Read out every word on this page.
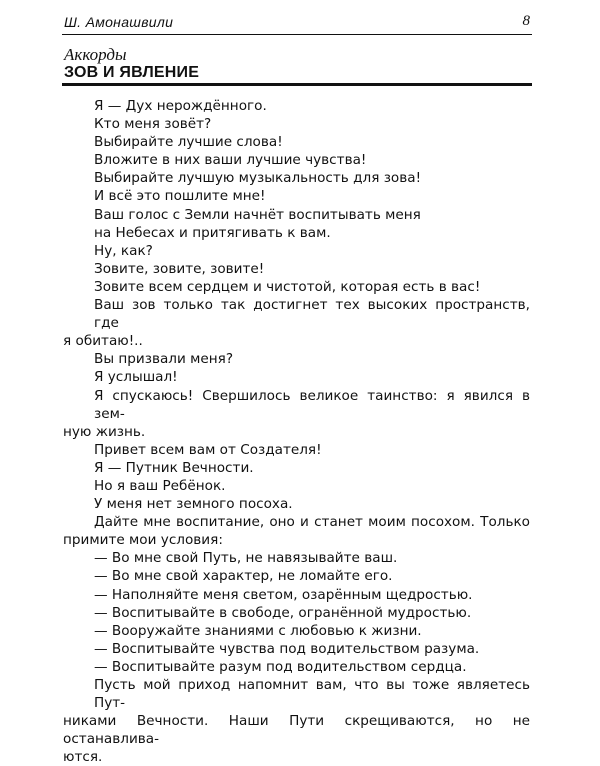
Ш. Амонашвили	8
Аккорды
ЗОВ И ЯВЛЕНИЕ
Я — Дух нерождённого.
Кто меня зовёт?
Выбирайте лучшие слова!
Вложите в них ваши лучшие чувства!
Выбирайте лучшую музыкальность для зова!
И всё это пошлите мне!
Ваш голос с Земли начнёт воспитывать меня
на Небесах и притягивать к вам.
Ну, как?
Зовите, зовите, зовите!
Зовите всем сердцем и чистотой, которая есть в вас!
Ваш зов только так достигнет тех высоких пространств, где
я обитаю!..
Вы призвали меня?
Я услышал!
Я спускаюсь! Свершилось великое таинство: я явился в зем-
ную жизнь.
Привет всем вам от Создателя!
Я — Путник Вечности.
Но я ваш Ребёнок.
У меня нет земного посоха.
Дайте мне воспитание, оно и станет моим посохом. Только
примите мои условия:
— Во мне свой Путь, не навязывайте ваш.
— Во мне свой характер, не ломайте его.
— Наполняйте меня светом, озарённым щедростью.
— Воспитывайте в свободе, огранённой мудростью.
— Вооружайте знаниями с любовью к жизни.
— Воспитывайте чувства под водительством разума.
— Воспитывайте разум под водительством сердца.
Пусть мой приход напомнит вам, что вы тоже являетесь Пут-
никами Вечности. Наши Пути скрещиваются, но не останавлива-
ются.
